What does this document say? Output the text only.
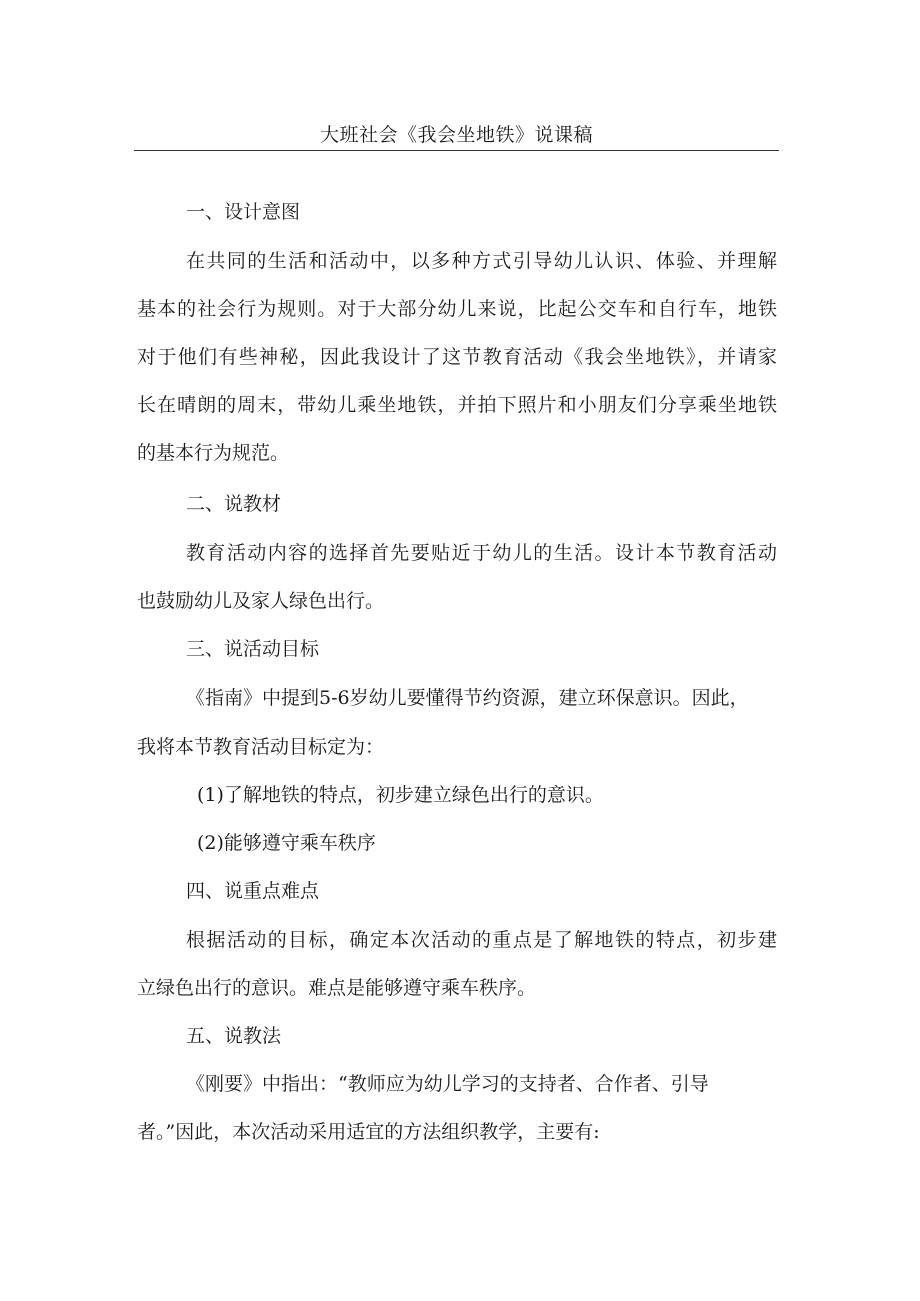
大班社会《我会坐地铁》说课稿
一、设计意图
在共同的生活和活动中，以多种方式引导幼儿认识、体验、并理解
基本的社会行为规则。对于大部分幼儿来说，比起公交车和自行车，地铁
对于他们有些神秘，因此我设计了这节教育活动《我会坐地铁》，并请家
长在晴朗的周末，带幼儿乘坐地铁，并拍下照片和小朋友们分享乘坐地铁
的基本行为规范。
二、说教材
教育活动内容的选择首先要贴近于幼儿的生活。设计本节教育活动
也鼓励幼儿及家人绿色出行。
三、说活动目标
《指南》中提到5-6岁幼儿要懂得节约资源，建立环保意识。因此，
我将本节教育活动目标定为：
(1)了解地铁的特点，初步建立绿色出行的意识。
(2)能够遵守乘车秩序
四、说重点难点
根据活动的目标，确定本次活动的重点是了解地铁的特点，初步建
立绿色出行的意识。难点是能够遵守乘车秩序。
五、说教法
《刚要》中指出：“教师应为幼儿学习的支持者、合作者、引导
者。”因此，本次活动采用适宜的方法组织教学，主要有:
